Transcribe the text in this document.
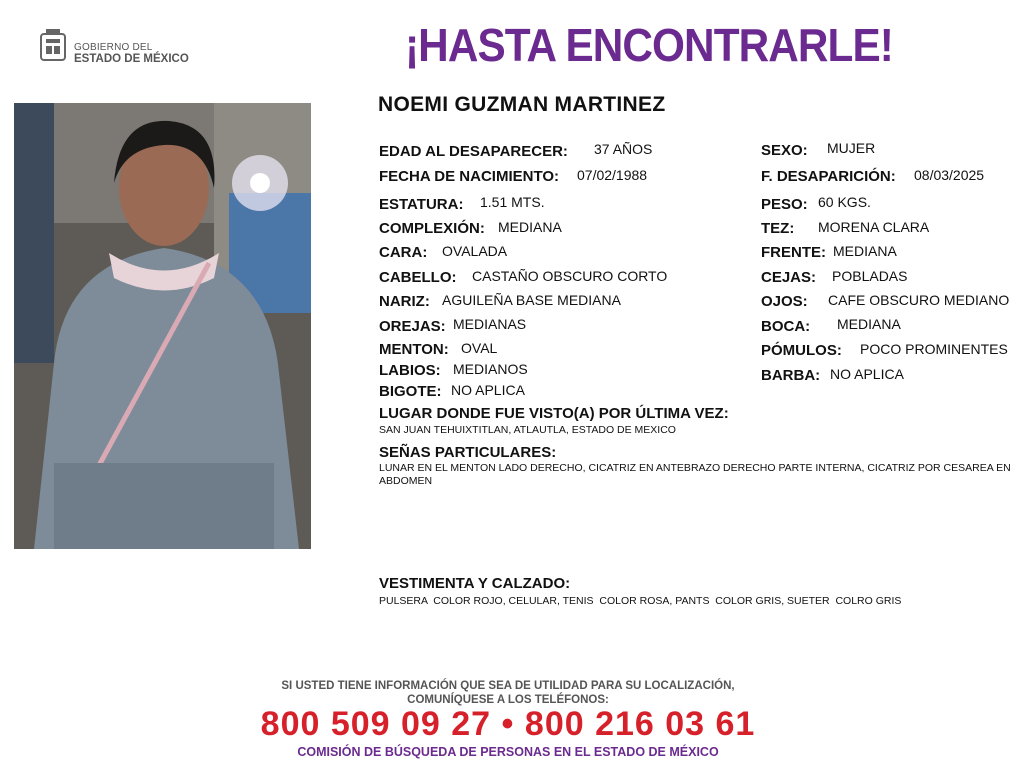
GOBIERNO DEL
ESTADO DE MÉXICO	¡HASTA ENCONTRARLE!
NOEMI GUZMAN MARTINEZ
EDAD AL DESAPARECER: 37 AÑOS
FECHA DE NACIMIENTO: 07/02/1988
ESTATURA: 1.51 MTS.
COMPLEXIÓN: MEDIANA
CARA: OVALADA
CABELLO: CASTAÑO OBSCURO CORTO
NARIZ: AGUILEÑA BASE MEDIANA
OREJAS: MEDIANAS
MENTON: OVAL
LABIOS: MEDIANOS
BIGOTE: NO APLICA
SEXO: MUJER
F. DESAPARICIÓN: 08/03/2025
PESO: 60 KGS.
TEZ: MORENA CLARA
FRENTE: MEDIANA
CEJAS: POBLADAS
OJOS: CAFE OBSCURO MEDIANO
BOCA: MEDIANA
PÓMULOS: POCO PROMINENTES
BARBA: NO APLICA
LUGAR DONDE FUE VISTO(A) POR ÚLTIMA VEZ:
SAN JUAN TEHUIXTITLAN, ATLAUTLA, ESTADO DE MEXICO
SEÑAS PARTICULARES:
LUNAR EN EL MENTON LADO DERECHO, CICATRIZ EN ANTEBRAZO DERECHO PARTE INTERNA, CICATRIZ POR CESAREA EN ABDOMEN
VESTIMENTA Y CALZADO:
PULSERA  COLOR ROJO, CELULAR, TENIS  COLOR ROSA, PANTS  COLOR GRIS, SUETER  COLRO GRIS
SI USTED TIENE INFORMACIÓN QUE SEA DE UTILIDAD PARA SU LOCALIZACIÓN,
COMUNÍQUESE A LOS TELÉFONOS:
800 509 09 27 • 800 216 03 61
COMISIÓN DE BÚSQUEDA DE PERSONAS EN EL ESTADO DE MÉXICO
